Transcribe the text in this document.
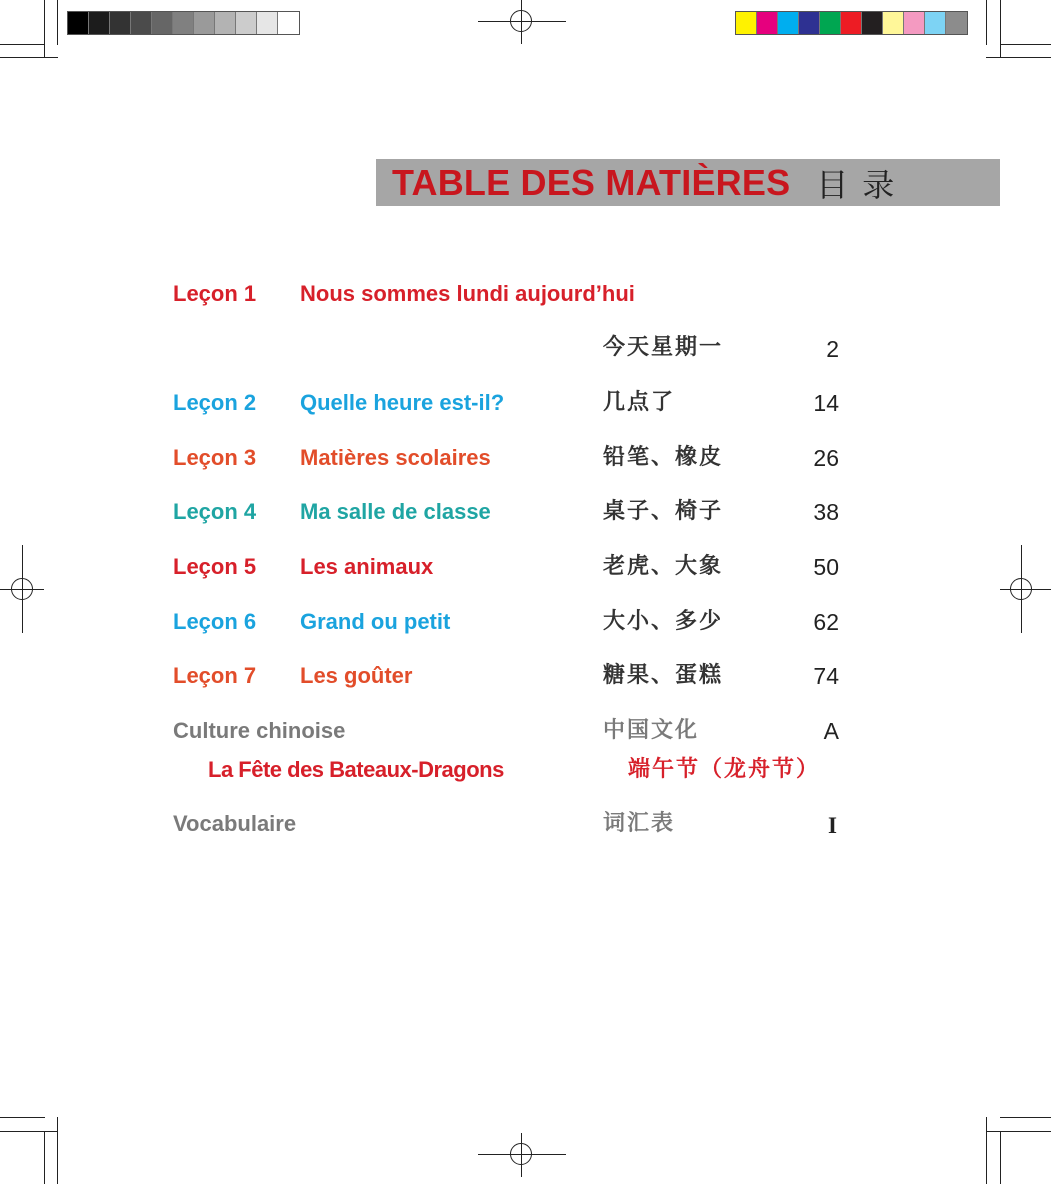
TABLE DES MATIÈRES 目录
Leçon 1 Nous sommes lundi aujourd’hui
今天星期一	2
Leçon 2 Quelle heure est-il?	几点了	14
Leçon 3 Matières scolaires	铅笔、橡皮	26
Leçon 4 Ma salle de classe	桌子、椅子	38
Leçon 5 Les animaux	老虎、大象	50
Leçon 6 Grand ou petit	大小、多少	62
Leçon 7 Les goûter	糖果、蛋糕	74
Culture chinoise	中国文化	A
La Fête des Bateaux-Dragons	端午节（龙舟节）
Vocabulaire	词汇表	I
